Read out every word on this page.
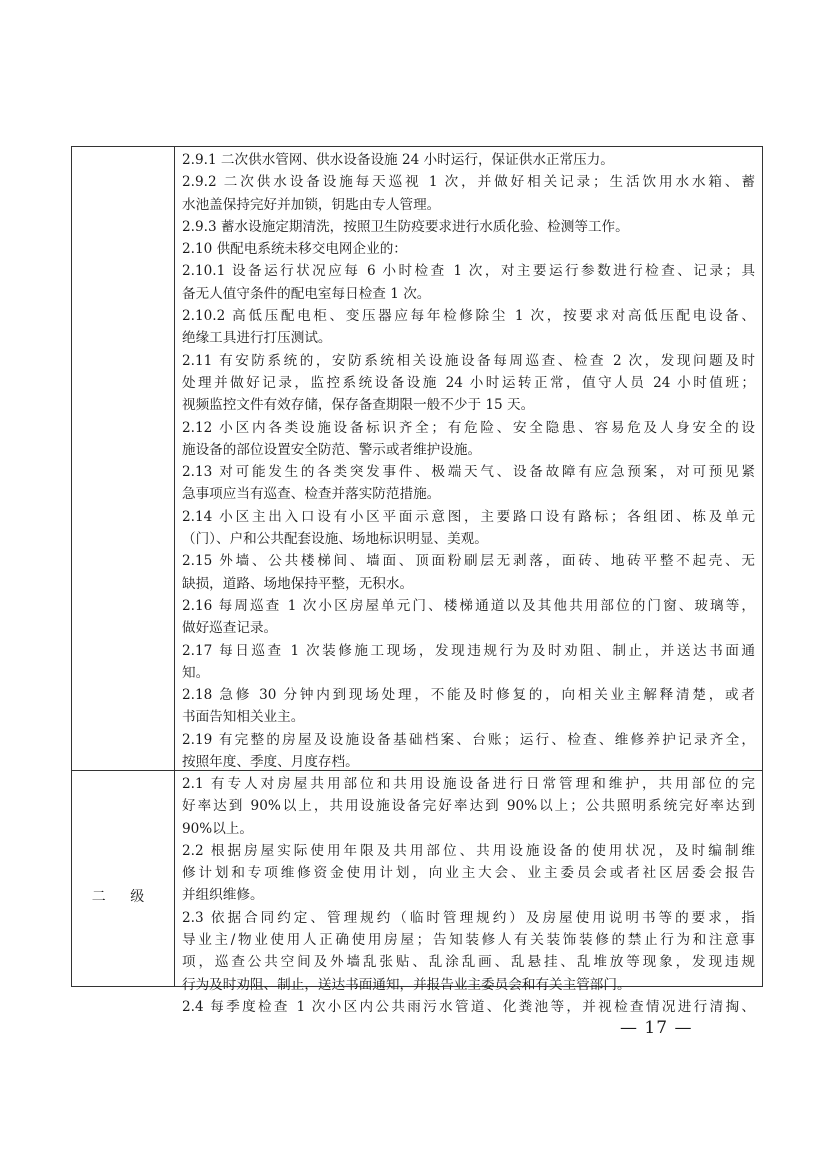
2.9.1 二次供水管网、供水设备设施 24 小时运行，保证供水正常压力。
2.9.2 二次供水设备设施每天巡视 1 次，并做好相关记录；生活饮用水水箱、蓄
水池盖保持完好并加锁，钥匙由专人管理。
2.9.3 蓄水设施定期清洗，按照卫生防疫要求进行水质化验、检测等工作。
2.10 供配电系统未移交电网企业的：
2.10.1 设备运行状况应每 6 小时检查 1 次，对主要运行参数进行检查、记录；具
备无人值守条件的配电室每日检查 1 次。
2.10.2 高低压配电柜、变压器应每年检修除尘 1 次，按要求对高低压配电设备、
绝缘工具进行打压测试。
2.11 有安防系统的，安防系统相关设施设备每周巡查、检查 2 次，发现问题及时
处理并做好记录，监控系统设备设施 24 小时运转正常，值守人员 24 小时值班；
视频监控文件有效存储，保存备查期限一般不少于 15 天。
2.12 小区内各类设施设备标识齐全；有危险、安全隐患、容易危及人身安全的设
施设备的部位设置安全防范、警示或者维护设施。
2.13 对可能发生的各类突发事件、极端天气、设备故障有应急预案，对可预见紧
急事项应当有巡查、检查并落实防范措施。
2.14 小区主出入口设有小区平面示意图，主要路口设有路标；各组团、栋及单元
（门）、户和公共配套设施、场地标识明显、美观。
2.15 外墙、公共楼梯间、墙面、顶面粉刷层无剥落，面砖、地砖平整不起壳、无
缺损，道路、场地保持平整，无积水。
2.16 每周巡查 1 次小区房屋单元门、楼梯通道以及其他共用部位的门窗、玻璃等，
做好巡查记录。
2.17 每日巡查 1 次装修施工现场，发现违规行为及时劝阻、制止，并送达书面通
知。
2.18 急修 30 分钟内到现场处理，不能及时修复的，向相关业主解释清楚，或者
书面告知相关业主。
2.19 有完整的房屋及设施设备基础档案、台账；运行、检查、维修养护记录齐全，
按照年度、季度、月度存档。
二 级
2.1 有专人对房屋共用部位和共用设施设备进行日常管理和维护，共用部位的完
好率达到 90%以上，共用设施设备完好率达到 90%以上；公共照明系统完好率达到
90%以上。
2.2 根据房屋实际使用年限及共用部位、共用设施设备的使用状况，及时编制维
修计划和专项维修资金使用计划，向业主大会、业主委员会或者社区居委会报告
并组织维修。
2.3 依据合同约定、管理规约（临时管理规约）及房屋使用说明书等的要求，指
导业主/物业使用人正确使用房屋；告知装修人有关装饰装修的禁止行为和注意事
项，巡查公共空间及外墙乱张贴、乱涂乱画、乱悬挂、乱堆放等现象，发现违规
行为及时劝阻、制止，送达书面通知，并报告业主委员会和有关主管部门。
2.4 每季度检查 1 次小区内公共雨污水管道、化粪池等，并视检查情况进行清掏、
— 17 —
